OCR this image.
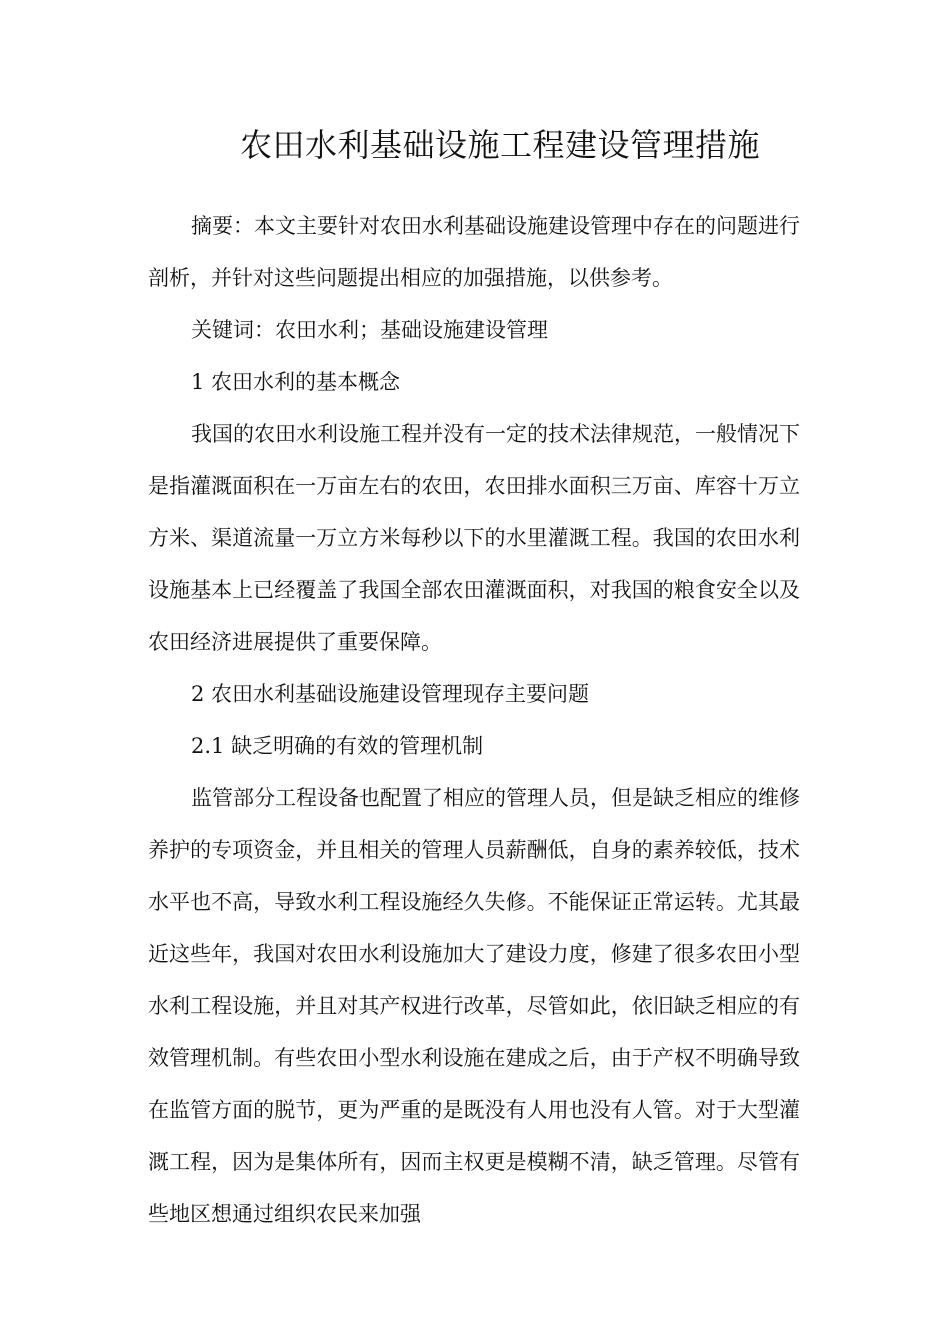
农田水利基础设施工程建设管理措施

摘要：本文主要针对农田水利基础设施建设管理中存在的问题进行剖析，并针对这些问题提出相应的加强措施，以供参考。

关键词：农田水利；基础设施建设管理

1 农田水利的基本概念

我国的农田水利设施工程并没有一定的技术法律规范，一般情况下是指灌溉面积在一万亩左右的农田，农田排水面积三万亩、库容十万立方米、渠道流量一万立方米每秒以下的水里灌溉工程。我国的农田水利设施基本上已经覆盖了我国全部农田灌溉面积，对我国的粮食安全以及农田经济进展提供了重要保障。

2 农田水利基础设施建设管理现存主要问题

2.1 缺乏明确的有效的管理机制

监管部分工程设备也配置了相应的管理人员，但是缺乏相应的维修养护的专项资金，并且相关的管理人员薪酬低，自身的素养较低，技术水平也不高，导致水利工程设施经久失修。不能保证正常运转。尤其最近这些年，我国对农田水利设施加大了建设力度，修建了很多农田小型水利工程设施，并且对其产权进行改革，尽管如此，依旧缺乏相应的有效管理机制。有些农田小型水利设施在建成之后，由于产权不明确导致在监管方面的脱节，更为严重的是既没有人用也没有人管。对于大型灌溉工程，因为是集体所有，因而主权更是模糊不清，缺乏管理。尽管有些地区想通过组织农民来加强
